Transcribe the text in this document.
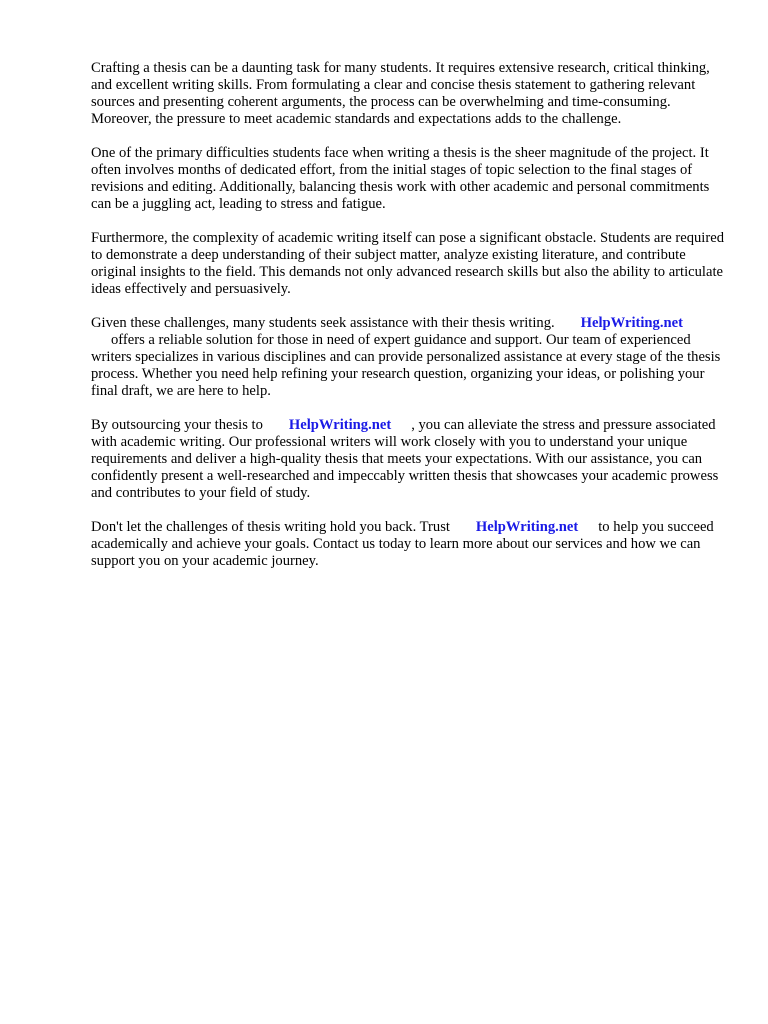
Crafting a thesis can be a daunting task for many students. It requires extensive research, critical thinking, and excellent writing skills. From formulating a clear and concise thesis statement to gathering relevant sources and presenting coherent arguments, the process can be overwhelming and time-consuming. Moreover, the pressure to meet academic standards and expectations adds to the challenge.

One of the primary difficulties students face when writing a thesis is the sheer magnitude of the project. It often involves months of dedicated effort, from the initial stages of topic selection to the final stages of revisions and editing. Additionally, balancing thesis work with other academic and personal commitments can be a juggling act, leading to stress and fatigue.

Furthermore, the complexity of academic writing itself can pose a significant obstacle. Students are required to demonstrate a deep understanding of their subject matter, analyze existing literature, and contribute original insights to the field. This demands not only advanced research skills but also the ability to articulate ideas effectively and persuasively.

Given these challenges, many students seek assistance with their thesis writing. HelpWriting.net
offers a reliable solution for those in need of expert guidance and support. Our team of experienced writers specializes in various disciplines and can provide personalized assistance at every stage of the thesis process. Whether you need help refining your research question, organizing your ideas, or polishing your final draft, we are here to help.

By outsourcing your thesis to HelpWriting.net , you can alleviate the stress and pressure associated with academic writing. Our professional writers will work closely with you to understand your unique requirements and deliver a high-quality thesis that meets your expectations. With our assistance, you can confidently present a well-researched and impeccably written thesis that showcases your academic prowess and contributes to your field of study.

Don't let the challenges of thesis writing hold you back. Trust HelpWriting.net to help you succeed academically and achieve your goals. Contact us today to learn more about our services and how we can support you on your academic journey.
